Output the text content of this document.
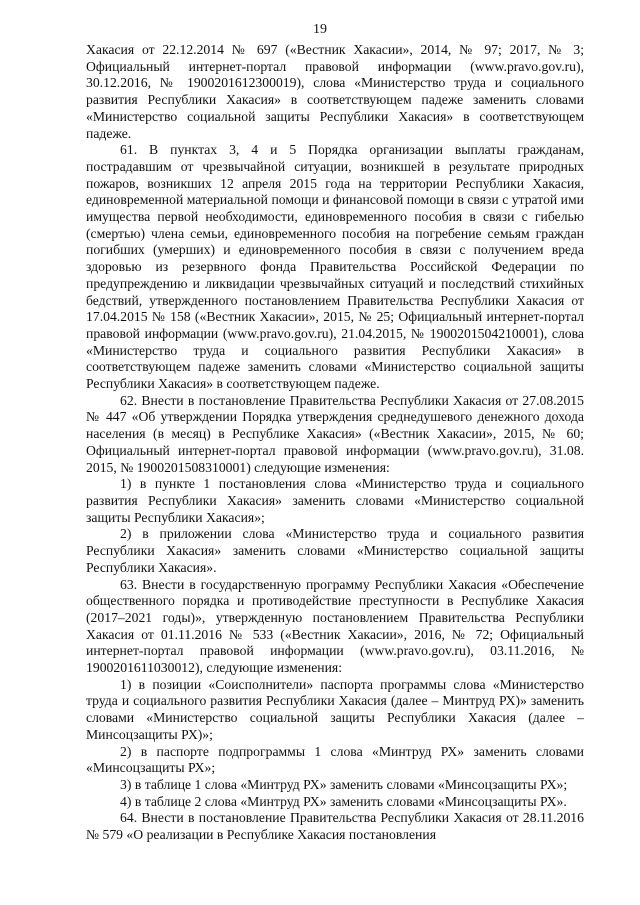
19

Хакасия от 22.12.2014 № 697 («Вестник Хакасии», 2014, № 97; 2017, № 3; Официальный интернет-портал правовой информации (www.pravo.gov.ru), 30.12.2016, № 1900201612300019), слова «Министерство труда и социального развития Республики Хакасия» в соответствующем падеже заменить словами «Министерство социальной защиты Республики Хакасия» в соответствующем падеже.

61. В пунктах 3, 4 и 5 Порядка организации выплаты гражданам, пострадавшим от чрезвычайной ситуации, возникшей в результате природных пожаров, возникших 12 апреля 2015 года на территории Республики Хакасия, единовременной материальной помощи и финансовой помощи в связи с утратой ими имущества первой необходимости, единовременного пособия в связи с гибелью (смертью) члена семьи, единовременного пособия на погребение семьям граждан погибших (умерших) и единовременного пособия в связи с получением вреда здоровью из резервного фонда Правительства Российской Федерации по предупреждению и ликвидации чрезвычайных ситуаций и последствий стихийных бедствий, утвержденного постановлением Правительства Республики Хакасия от 17.04.2015 № 158 («Вестник Хакасии», 2015, № 25; Официальный интернет-портал правовой информации (www.pravo.gov.ru), 21.04.2015, № 1900201504210001), слова «Министерство труда и социального развития Республики Хакасия» в соответствующем падеже заменить словами «Министерство социальной защиты Республики Хакасия» в соответствующем падеже.

62. Внести в постановление Правительства Республики Хакасия от 27.08.2015 № 447 «Об утверждении Порядка утверждения среднедушевого денежного дохода населения (в месяц) в Республике Хакасия» («Вестник Хакасии», 2015, № 60; Официальный интернет-портал правовой информации (www.pravo.gov.ru), 31.08. 2015, № 1900201508310001) следующие изменения:

1) в пункте 1 постановления слова «Министерство труда и социального развития Республики Хакасия» заменить словами «Министерство социальной защиты Республики Хакасия»;

2) в приложении слова «Министерство труда и социального развития Республики Хакасия» заменить словами «Министерство социальной защиты Республики Хакасия».

63. Внести в государственную программу Республики Хакасия «Обеспечение общественного порядка и противодействие преступности в Республике Хакасия (2017–2021 годы)», утвержденную постановлением Правительства Республики Хакасия от 01.11.2016 № 533 («Вестник Хакасии», 2016, № 72; Официальный интернет-портал правовой информации (www.pravo.gov.ru), 03.11.2016, № 1900201611030012), следующие изменения:

1) в позиции «Соисполнители» паспорта программы слова «Министерство труда и социального развития Республики Хакасия (далее – Минтруд РХ)» заменить словами «Министерство социальной защиты Республики Хакасия (далее – Минсоцзащиты РХ)»;

2) в паспорте подпрограммы 1 слова «Минтруд РХ» заменить словами «Минсоцзащиты РХ»;

3) в таблице 1 слова «Минтруд РХ» заменить словами «Минсоцзащиты РХ»;

4) в таблице 2 слова «Минтруд РХ» заменить словами «Минсоцзащиты РХ».

64. Внести в постановление Правительства Республики Хакасия от 28.11.2016 № 579 «О реализации в Республике Хакасия постановления
